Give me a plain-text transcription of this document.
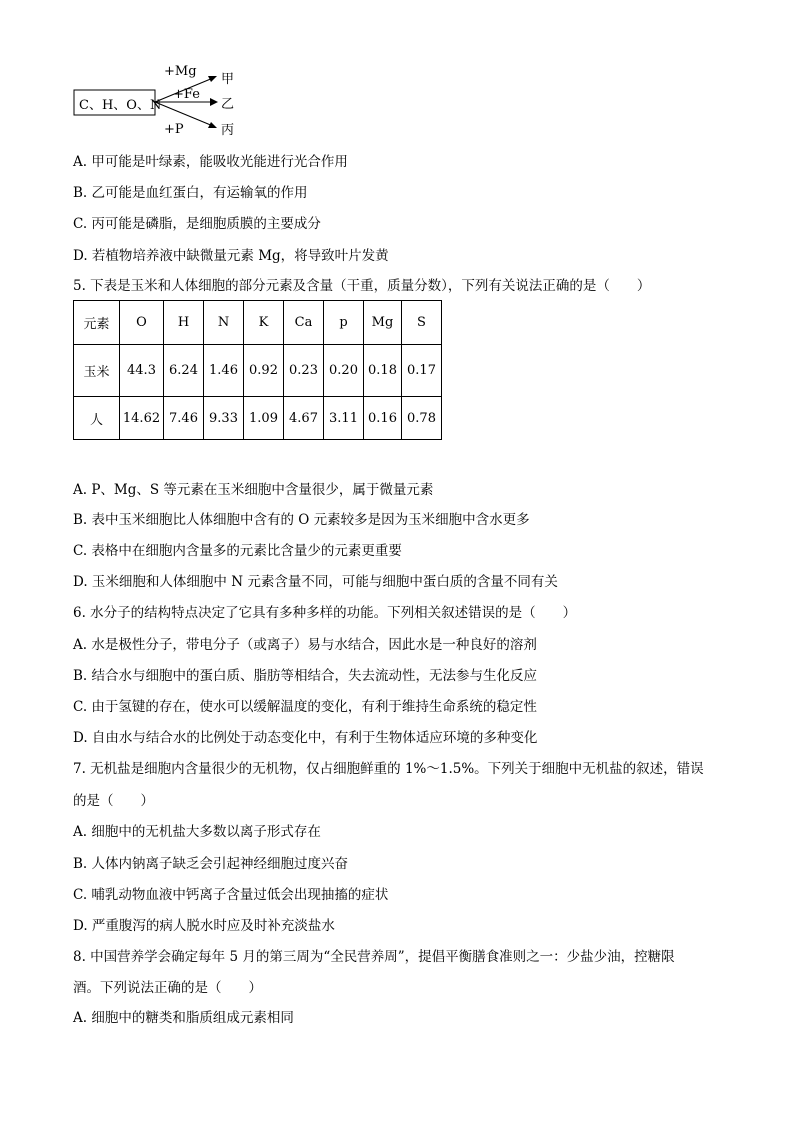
C、H、O、N
+Mg
甲
+Fe
乙
+P	丙
A. 甲可能是叶绿素，能吸收光能进行光合作用
B. 乙可能是血红蛋白，有运输氧的作用
C. 丙可能是磷脂，是细胞质膜的主要成分
D. 若植物培养液中缺微量元素 Mg，将导致叶片发黄
5. 下表是玉米和人体细胞的部分元素及含量（干重，质量分数），下列有关说法正确的是（　　）
元素	O	H	N	K	Ca	p	Mg	S
玉米	44.3	6.24	1.46	0.92	0.23	0.20	0.18	0.17
人	14.62	7.46	9.33	1.09	4.67	3.11	0.16	0.78
A. P、Mg、S 等元素在玉米细胞中含量很少，属于微量元素
B. 表中玉米细胞比人体细胞中含有的 O 元素较多是因为玉米细胞中含水更多
C. 表格中在细胞内含量多的元素比含量少的元素更重要
D. 玉米细胞和人体细胞中 N 元素含量不同，可能与细胞中蛋白质的含量不同有关
6. 水分子的结构特点决定了它具有多种多样的功能。下列相关叙述错误的是（　　）
A. 水是极性分子，带电分子（或离子）易与水结合，因此水是一种良好的溶剂
B. 结合水与细胞中的蛋白质、脂肪等相结合，失去流动性，无法参与生化反应
C. 由于氢键的存在，使水可以缓解温度的变化，有利于维持生命系统的稳定性
D. 自由水与结合水的比例处于动态变化中，有利于生物体适应环境的多种变化
7. 无机盐是细胞内含量很少的无机物，仅占细胞鲜重的 1%～1.5%。下列关于细胞中无机盐的叙述，错误
的是（　　）
A. 细胞中的无机盐大多数以离子形式存在
B. 人体内钠离子缺乏会引起神经细胞过度兴奋
C. 哺乳动物血液中钙离子含量过低会出现抽搐的症状
D. 严重腹泻的病人脱水时应及时补充淡盐水
8. 中国营养学会确定每年 5 月的第三周为“全民营养周”，提倡平衡膳食准则之一：少盐少油，控糖限
酒。下列说法正确的是（　　）
A. 细胞中的糖类和脂质组成元素相同
